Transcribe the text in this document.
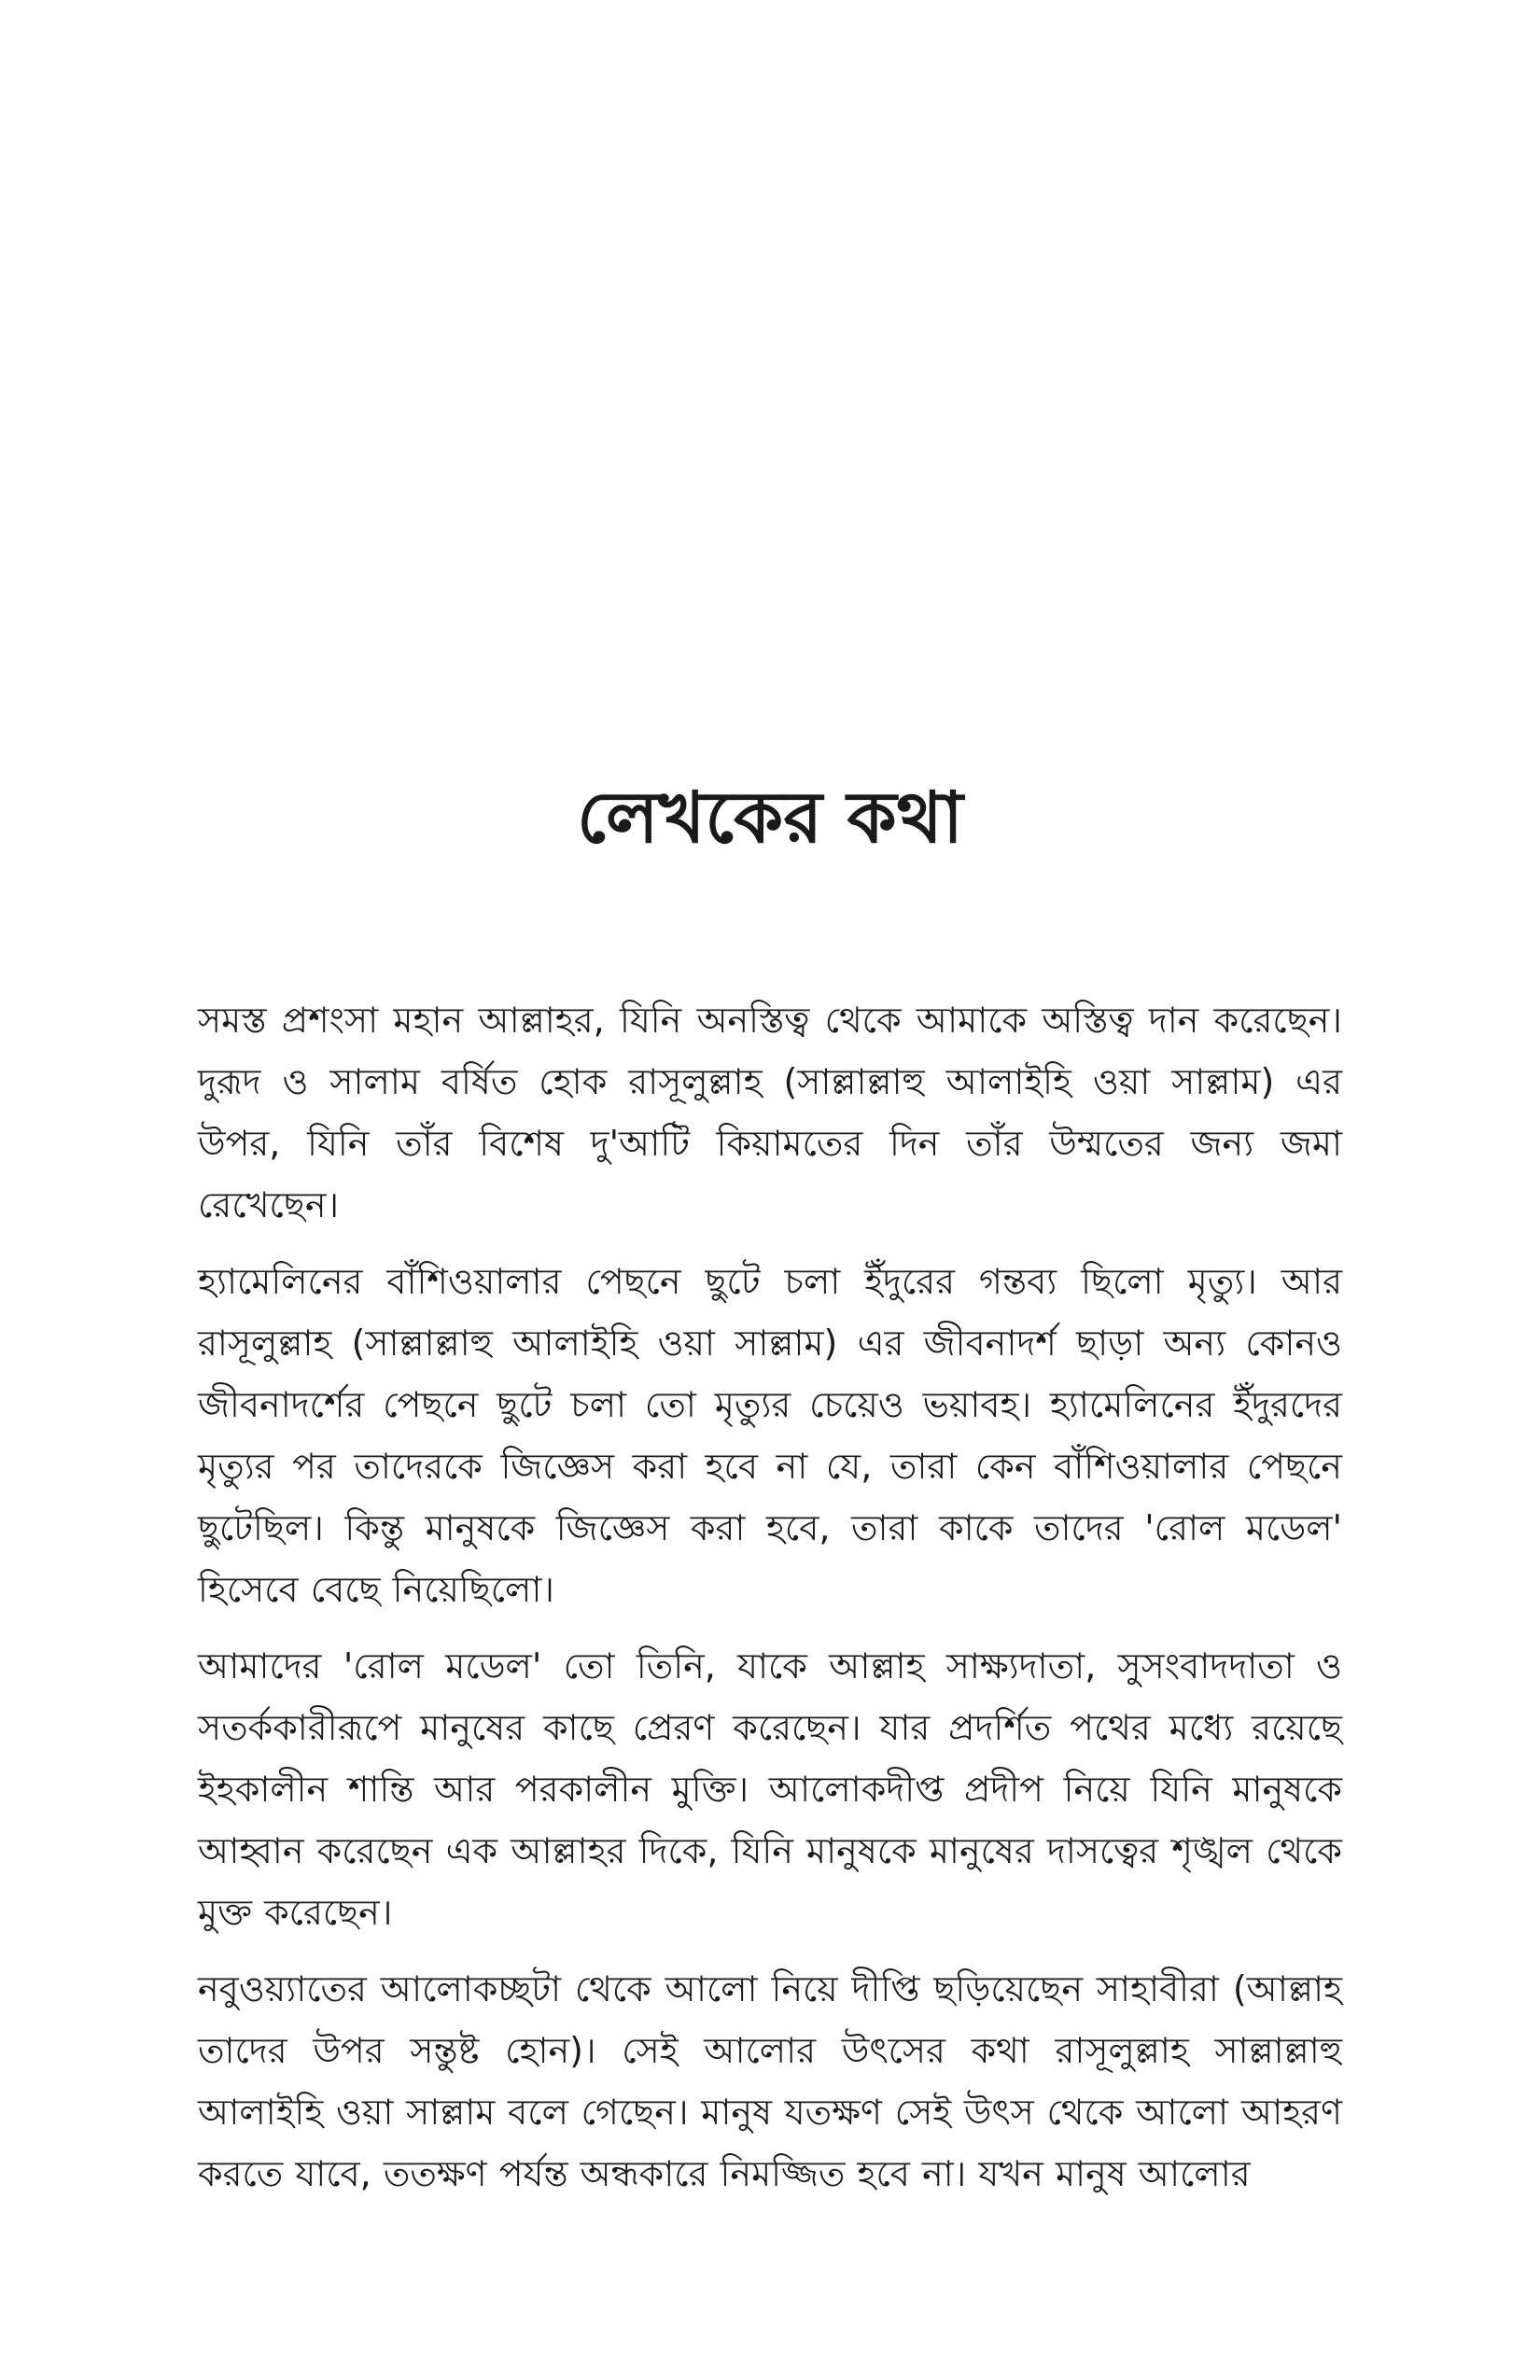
লেখকের কথা

সমস্ত প্রশংসা মহান আল্লাহর, যিনি অনস্তিত্ব থেকে আমাকে অস্তিত্ব দান করেছেন। দুরূদ ও সালাম বর্ষিত হোক রাসূলুল্লাহ (সাল্লাল্লাহু আলাইহি ওয়া সাল্লাম) এর উপর, যিনি তাঁর বিশেষ দু'আটি কিয়ামতের দিন তাঁর উম্মতের জন্য জমা রেখেছেন।

হ্যামেলিনের বাঁশিওয়ালার পেছনে ছুটে চলা ইঁদুরের গন্তব্য ছিলো মৃত্যু। আর রাসূলুল্লাহ (সাল্লাল্লাহু আলাইহি ওয়া সাল্লাম) এর জীবনাদর্শ ছাড়া অন্য কোনও জীবনাদর্শের পেছনে ছুটে চলা তো মৃত্যুর চেয়েও ভয়াবহ। হ্যামেলিনের ইঁদুরদের মৃত্যুর পর তাদেরকে জিজ্ঞেস করা হবে না যে, তারা কেন বাঁশিওয়ালার পেছনে ছুটেছিল। কিন্তু মানুষকে জিজ্ঞেস করা হবে, তারা কাকে তাদের 'রোল মডেল' হিসেবে বেছে নিয়েছিলো।

আমাদের 'রোল মডেল' তো তিনি, যাকে আল্লাহ সাক্ষ্যদাতা, সুসংবাদদাতা ও সতর্ককারীরূপে মানুষের কাছে প্রেরণ করেছেন। যার প্রদর্শিত পথের মধ্যে রয়েছে ইহকালীন শান্তি আর পরকালীন মুক্তি। আলোকদীপ্ত প্রদীপ নিয়ে যিনি মানুষকে আহ্বান করেছেন এক আল্লাহর দিকে, যিনি মানুষকে মানুষের দাসত্বের শৃঙ্খল থেকে মুক্ত করেছেন।

নবুওয়্যাতের আলোকচ্ছটা থেকে আলো নিয়ে দীপ্তি ছড়িয়েছেন সাহাবীরা (আল্লাহ তাদের উপর সন্তুষ্ট হোন)। সেই আলোর উৎসের কথা রাসূলুল্লাহ সাল্লাল্লাহু আলাইহি ওয়া সাল্লাম বলে গেছেন। মানুষ যতক্ষণ সেই উৎস থেকে আলো আহরণ করতে যাবে, ততক্ষণ পর্যন্ত অন্ধকারে নিমজ্জিত হবে না। যখন মানুষ আলোর
